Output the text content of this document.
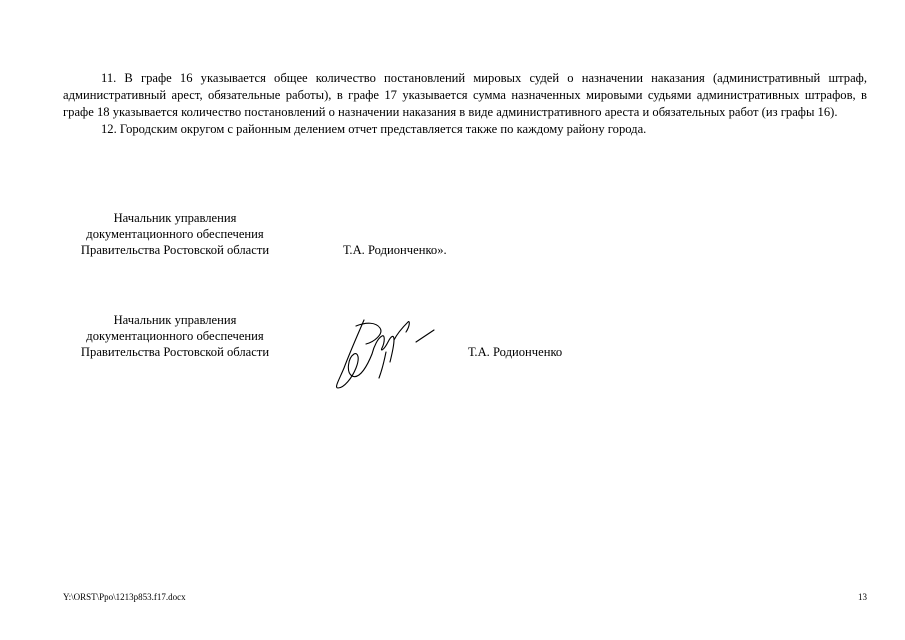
11. В графе 16 указывается общее количество постановлений мировых судей о назначении наказания (административный штраф, административный арест, обязательные работы), в графе 17 указывается сумма назначенных мировыми судьями административных штрафов, в графе 18 указывается количество постановлений о назначении наказания в виде административного ареста и обязательных работ (из графы 16).

12. Городским округом с районным делением отчет представляется также по каждому району города.

Начальник управления
документационного обеспечения
Правительства Ростовской области	Т.А. Родионченко».
Начальник управления
документационного обеспечения
Правительства Ростовской области	Т.А. Родионченко
Y:\ORST\Ppo\1213p853.f17.docx	13
